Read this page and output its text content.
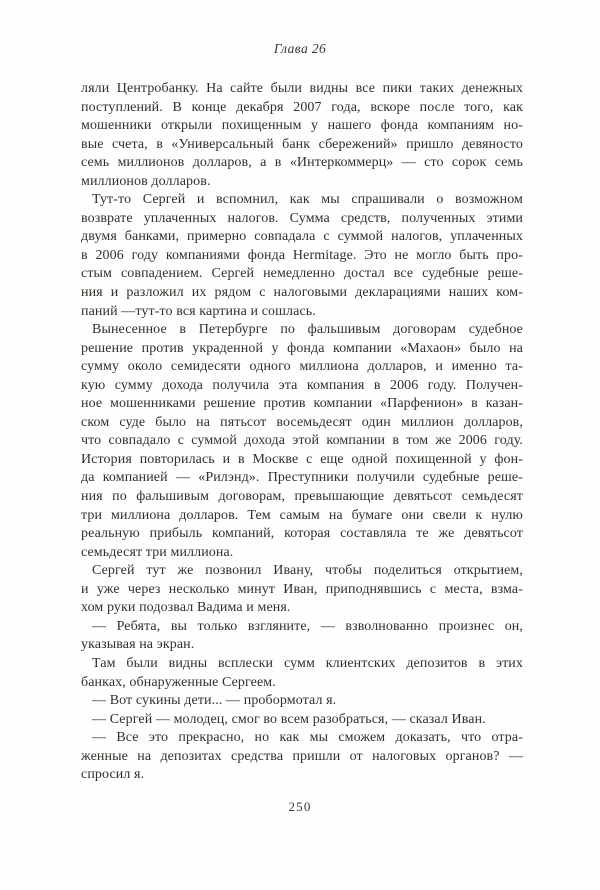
Глава 26
ляли Центробанку. На сайте были видны все пики таких денежных
поступлений. В конце декабря 2007 года, вскоре после того, как
мошенники открыли похищенным у нашего фонда компаниям но-
вые счета, в «Универсальный банк сбережений» пришло девяносто
семь миллионов долларов, а в «Интеркоммерц» — сто сорок семь
миллионов долларов.
Тут-то Сергей и вспомнил, как мы спрашивали о возможном
возврате уплаченных налогов. Сумма средств, полученных этими
двумя банками, примерно совпадала с суммой налогов, уплаченных
в 2006 году компаниями фонда Hermitage. Это не могло быть про-
стым совпадением. Сергей немедленно достал все судебные реше-
ния и разложил их рядом с налоговыми декларациями наших ком-
паний —тут-то вся картина и сошлась.
Вынесенное в Петербурге по фальшивым договорам судебное
решение против украденной у фонда компании «Махаон» было на
сумму около семидесяти одного миллиона долларов, и именно та-
кую сумму дохода получила эта компания в 2006 году. Получен-
ное мошенниками решение против компании «Парфенион» в казан-
ском суде было на пятьсот восемьдесят один миллион долларов,
что совпадало с суммой дохода этой компании в том же 2006 году.
История повторилась и в Москве с еще одной похищенной у фон-
да компанией — «Рилэнд». Преступники получили судебные реше-
ния по фальшивым договорам, превышающие девятьсот семьдесят
три миллиона долларов. Тем самым на бумаге они свели к нулю
реальную прибыль компаний, которая составляла те же девятьсот
семьдесят три миллиона.
Сергей тут же позвонил Ивану, чтобы поделиться открытием,
и уже через несколько минут Иван, приподнявшись с места, взма-
хом руки подозвал Вадима и меня.
— Ребята, вы только взгляните, — взволнованно произнес он,
указывая на экран.
Там были видны всплески сумм клиентских депозитов в этих
банках, обнаруженные Сергеем.
— Вот сукины дети... — пробормотал я.
— Сергей — молодец, смог во всем разобраться, — сказал Иван.
— Все это прекрасно, но как мы сможем доказать, что отра-
женные на депозитах средства пришли от налоговых органов? —
спросил я.
250
